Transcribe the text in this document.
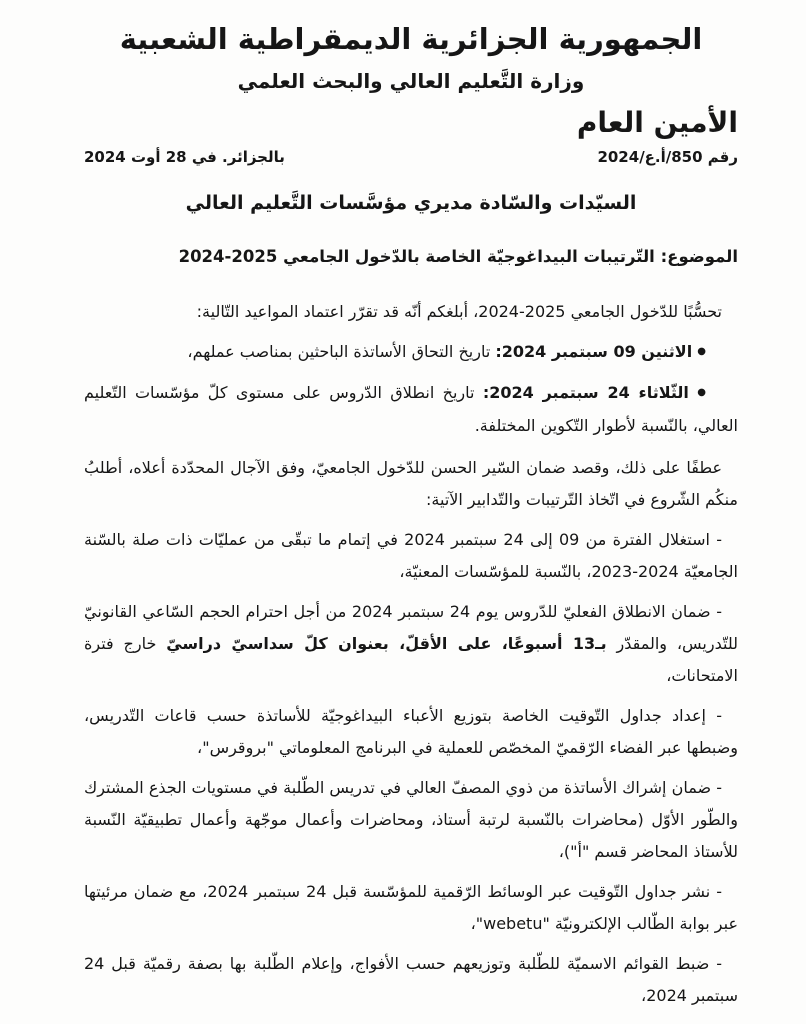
الجمهورية الجزائرية الديمقراطية الشعبية
وزارة التَّعليم العالي والبحث العلمي
الأمين العام
رقم 850/أ.ع/2024
بالجزائر. في 28 أوت 2024
السيّدات والسّادة مديري مؤسَّسات التَّعليم العالي

الموضوع: التّرتيبات البيداغوجيّة الخاصة بالدّخول الجامعي 2025-2024

تحسُّبًا للدّخول الجامعي 2025-2024، أبلغكم أنّه قد تقرّر اعتماد المواعيد التّالية:

● الاثنين 09 سبتمبر 2024: تاريخ التحاق الأساتذة الباحثين بمناصب عملهم،

● الثّلاثاء 24 سبتمبر 2024: تاريخ انطلاق الدّروس على مستوى كلّ مؤسّسات التّعليم العالي، بالنّسبة لأطوار التّكوين المختلفة.

عطفًا على ذلك، وقصد ضمان السّير الحسن للدّخول الجامعيّ، وفق الآجال المحدّدة أعلاه، أطلبُ منكُم الشّروع في اتّخاذ التّرتيبات والتّدابير الآتية:

- استغلال الفترة من 09 إلى 24 سبتمبر 2024 في إتمام ما تبقّى من عمليّات ذات صلة بالسّنة الجامعيّة 2024-2023، بالنّسبة للمؤسّسات المعنيّة،

- ضمان الانطلاق الفعليّ للدّروس يوم 24 سبتمبر 2024 من أجل احترام الحجم السّاعي القانونيّ للتّدريس، والمقدّر بـ13 أسبوعًا، على الأقلّ، بعنوان كلّ سداسيّ دراسيّ خارج فترة الامتحانات،

- إعداد جداول التّوقيت الخاصة بتوزيع الأعباء البيداغوجيّة للأساتذة حسب قاعات التّدريس، وضبطها عبر الفضاء الرّقميّ المخصّص للعملية في البرنامج المعلوماتي "بروقرس"،

- ضمان إشراك الأساتذة من ذوي المصفّ العالي في تدريس الطّلبة في مستويات الجذع المشترك والطّور الأوّل (محاضرات بالنّسبة لرتبة أستاذ، ومحاضرات وأعمال موجّهة وأعمال تطبيقيّة النّسبة للأستاذ المحاضر قسم "أ")،

- نشر جداول التّوقيت عبر الوسائط الرّقمية للمؤسّسة قبل 24 سبتمبر 2024، مع ضمان مرئيتها عبر بوابة الطّالب الإلكترونيّة "webetu"،

- ضبط القوائم الاسميّة للطّلبة وتوزيعهم حسب الأفواج، وإعلام الطّلبة بها بصفة رقميّة قبل 24 سبتمبر 2024،
